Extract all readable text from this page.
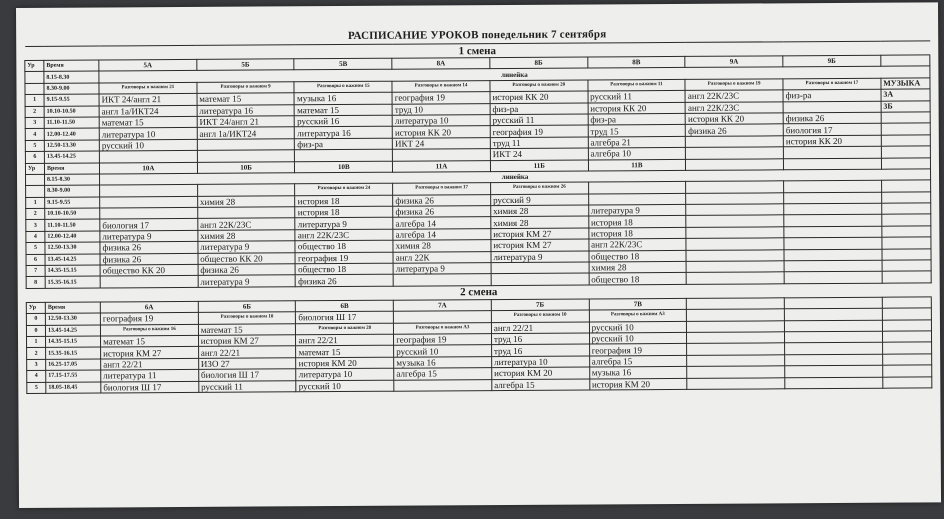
РАСПИСАНИЕ УРОКОВ понедельник 7 сентября
1 смена										
Ур	Время	5А	5Б	5В	8А	8Б	8В	9А	9Б	
	8.15-8.30	линейка								
	8.30-9.00	Разговоры о важном 21	Разговоры о важном 9	Разговоры о важном 15	Разговоры о важном 14	Разговоры о важном 20	Разговоры о важном 11	Разговоры о важном 19	Разговоры о важном 17	МУЗЫКА
1	9.15-9.55	ИКТ 24/англ 21	математ 15	музыка 16	география 19	история КК 20	русский 11	англ 22К/23С	физ-ра	3А
2	10.10-10.50	англ 1а/ИКТ24	литература 16	математ 15	труд 10	физ-ра	история КК 20	англ 22К/23С		3Б
3	11.10-11.50	математ 15	ИКТ 24/англ 21	русский 16	литература 10	русский 11	физ-ра	история КК 20	физика 26	
4	12.00-12.40	литература 10	англ 1а/ИКТ24	литература 16	история КК 20	география 19	труд 15	физика 26	биология 17	
5	12.50-13.30	русский 10		физ-ра	ИКТ 24	труд 11	алгебра 21		история КК 20	
6	13.45-14.25					ИКТ 24	алгебра 10			
Ур	Время	10А	10Б	10В	11А	11Б	11В			
	8.15-8.30	линейка								
	8.30-9.00			Разговоры о важном 24	Разговоры о важном 17	Разговоры о важном 26				
1	9.15-9.55		химия 28	история 18	физика 26	русский 9				
2	10.10-10.50			история 18	физика 26	химия 28	литература 9			
3	11.10-11.50	биология 17	англ 22К/23С	литература 9	алгебра 14	химия 28	история 18			
4	12.00-12.40	литература 9	химия 28	англ 22К/23С	алгебра 14	история КМ 27	история 18			
5	12.50-13.30	физика 26	литература 9	общество 18	химия 28	история КМ 27	англ 22К/23С			
6	13.45-14.25	физика 26	общество КК 20	география 19	англ 22К	литература 9	общество 18			
7	14.35-15.15	общество КК 20	физика 26	общество 18	литература 9		химия 28			
8	15.35-16.15		литература 9	физика 26			общество 18			
2 смена										
Ур	Время	6А	6Б	6В	7А	7Б	7В			
0	12.50-13.30	география 19	Разговоры о важном 10	биология Ш 17		Разговоры о важном 10	Разговоры о важном А3			
0	13.45-14.25	Разговоры о важном 16	математ 15	Разговоры о важном 28	Разговоры о важном А3	англ 22/21	русский 10			
1	14.35-15.15	математ 15	история КМ 27	англ 22/21	география 19	труд 16	русский 10			
2	15.35-16.15	история КМ 27	англ 22/21	математ 15	русский 10	труд 16	география 19			
3	16.25-17.05	англ 22/21	ИЗО 27	история КМ 20	музыка 16	литература 10	алгебра 15			
4	17.15-17.55	литература 11	биология Ш 17	литература 10	алгебра 15	история КМ 20	музыка 16			
5	18.05-18.45	биология Ш 17	русский 11	русский 10		алгебра 15	история КМ 20			
